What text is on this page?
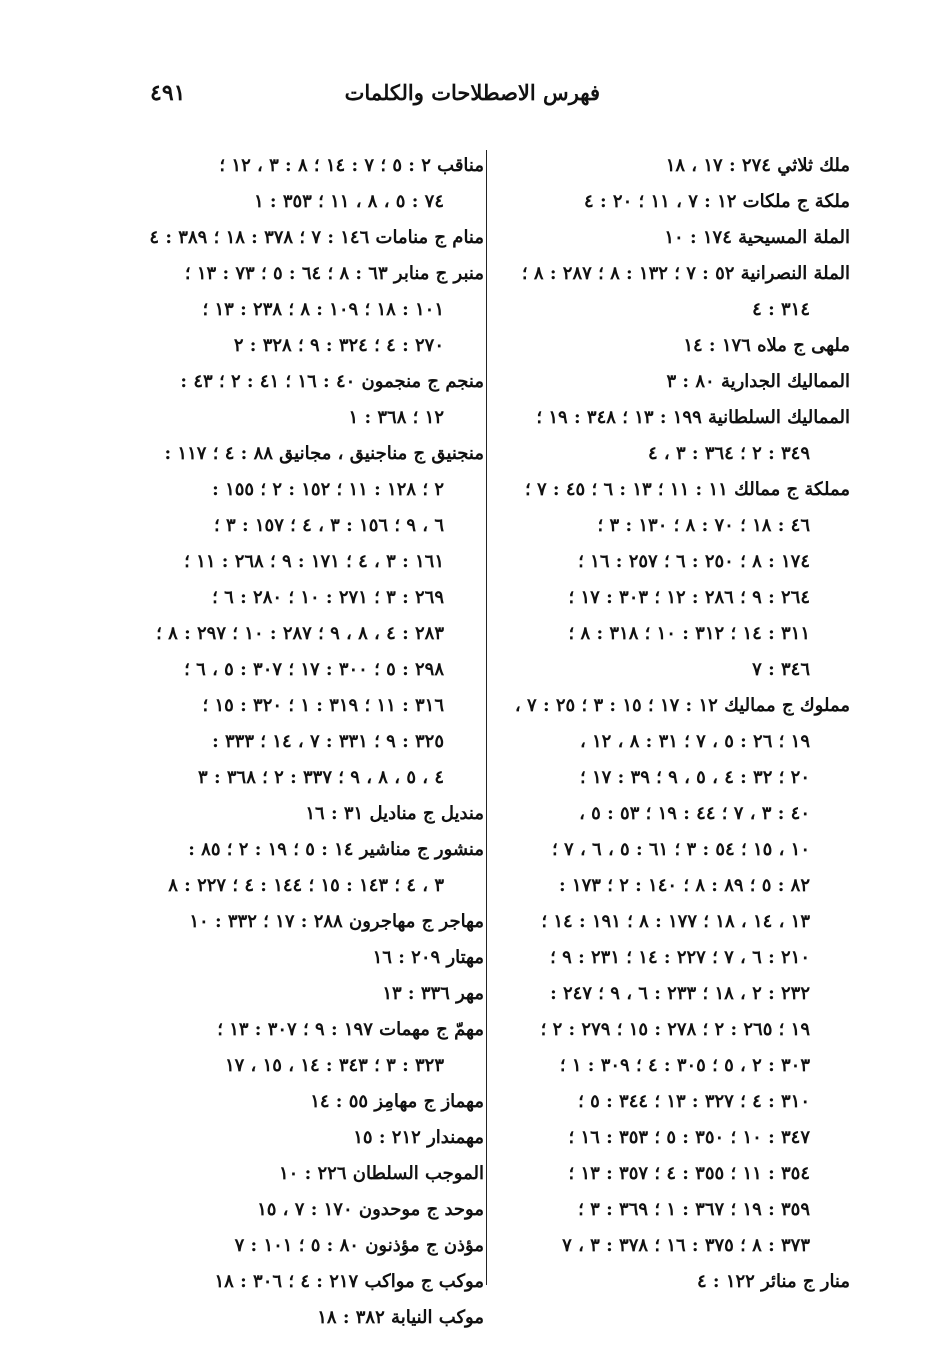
فهرس الاصطلاحات والكلمات
٤٩١
ملك ثلاثي ٢٧٤ : ١٧ ، ١٨
ملكة ج ملكات ١٢ : ٧ ، ١١ ؛ ٢٠ : ٤
الملة المسيحية ١٧٤ : ١٠
الملة النصرانية ٥٢ : ٧ ؛ ١٣٢ : ٨ ؛ ٢٨٧ : ٨ ؛
٣١٤ : ٤
ملهى ج ملاه ١٧٦ : ١٤
المماليك الجدارية ٨٠ : ٣
المماليك السلطانية ١٩٩ : ١٣ ؛ ٣٤٨ : ١٩ ؛
٣٤٩ : ٢ ؛ ٣٦٤ : ٣ ، ٤
مملكة ج ممالك ١١ : ١١ ؛ ١٣ : ٦ ؛ ٤٥ : ٧ ؛
٤٦ : ١٨ ؛ ٧٠ : ٨ ؛ ١٣٠ : ٣ ؛
١٧٤ : ٨ ؛ ٢٥٠ : ٦ ؛ ٢٥٧ : ١٦ ؛
٢٦٤ : ٩ ؛ ٢٨٦ : ١٢ ؛ ٣٠٣ : ١٧ ؛
٣١١ : ١٤ ؛ ٣١٢ : ١٠ ؛ ٣١٨ : ٨ ؛
٣٤٦ : ٧
مملوك ج مماليك ١٢ : ١٧ ؛ ١٥ : ٣ ؛ ٢٥ : ٧ ،
١٩ ؛ ٢٦ : ٥ ، ٧ ؛ ٣١ : ٨ ، ١٢ ،
٢٠ ؛ ٣٢ : ٤ ، ٥ ، ٩ ؛ ٣٩ : ١٧ ؛
٤٠ : ٣ ، ٧ ؛ ٤٤ : ١٩ ؛ ٥٣ : ٥ ،
١٠ ، ١٥ ؛ ٥٤ : ٣ ؛ ٦١ : ٥ ، ٦ ، ٧ ؛
٨٢ : ٥ ؛ ٨٩ : ٨ ؛ ١٤٠ : ٢ ؛ ١٧٣ :
١٣ ، ١٤ ، ١٨ ؛ ١٧٧ : ٨ ؛ ١٩١ : ١٤ ؛
٢١٠ : ٦ ، ٧ ؛ ٢٢٧ : ١٤ ؛ ٢٣١ : ٩ ؛
٢٣٢ : ٢ ، ١٨ ؛ ٢٣٣ : ٦ ، ٩ ؛ ٢٤٧ :
١٩ ؛ ٢٦٥ : ٢ ؛ ٢٧٨ : ١٥ ؛ ٢٧٩ : ٢ ؛
٣٠٣ : ٢ ، ٥ ؛ ٣٠٥ : ٤ ؛ ٣٠٩ : ١ ؛
٣١٠ : ٤ ؛ ٣٢٧ : ١٣ ؛ ٣٤٤ : ٥ ؛
٣٤٧ : ١٠ ؛ ٣٥٠ : ٥ ؛ ٣٥٣ : ١٦ ؛
٣٥٤ : ١١ ؛ ٣٥٥ : ٤ ؛ ٣٥٧ : ١٣ ؛
٣٥٩ : ١٩ ؛ ٣٦٧ : ١ ؛ ٣٦٩ : ٣ ؛
٣٧٣ : ٨ ؛ ٣٧٥ : ١٦ ؛ ٣٧٨ : ٣ ، ٧
منار ج منائر ١٢٢ : ٤
مناقب ٢ : ٥ ؛ ٧ : ١٤ ؛ ٨ : ٣ ، ١٢ ؛
٧٤ : ٥ ، ٨ ، ١١ ؛ ٣٥٣ : ١
منام ج منامات ١٤٦ : ٧ ؛ ٣٧٨ : ١٨ ؛ ٣٨٩ : ٤
منبر ج منابر ٦٣ : ٨ ؛ ٦٤ : ٥ ؛ ٧٣ : ١٣ ؛
١٠١ : ١٨ ؛ ١٠٩ : ٨ ؛ ٢٣٨ : ١٣ ؛
٢٧٠ : ٤ ؛ ٣٢٤ : ٩ ؛ ٣٢٨ : ٢
منجم ج منجمون ٤٠ : ١٦ ؛ ٤١ : ٢ ؛ ٤٣ :
١٢ ؛ ٣٦٨ : ١
منجنيق ج مناجنيق ، مجانيق ٨٨ : ٤ ؛ ١١٧ :
٢ ؛ ١٢٨ : ١١ ؛ ١٥٢ : ٢ ؛ ١٥٥ :
٦ ، ٩ ؛ ١٥٦ : ٣ ، ٤ ؛ ١٥٧ : ٣ ؛
١٦١ : ٣ ، ٤ ؛ ١٧١ : ٩ ؛ ٢٦٨ : ١١ ؛
٢٦٩ : ٣ ؛ ٢٧١ : ١٠ ؛ ٢٨٠ : ٦ ؛
٢٨٣ : ٤ ، ٨ ، ٩ ؛ ٢٨٧ : ١٠ ؛ ٢٩٧ : ٨ ؛
٢٩٨ : ٥ ؛ ٣٠٠ : ١٧ ؛ ٣٠٧ : ٥ ، ٦ ؛
٣١٦ : ١١ ؛ ٣١٩ : ١ ؛ ٣٢٠ : ١٥ ؛
٣٢٥ : ٩ ؛ ٣٣١ : ٧ ، ١٤ ؛ ٣٣٣ :
٤ ، ٥ ، ٨ ، ٩ ؛ ٣٣٧ : ٢ ؛ ٣٦٨ : ٣
منديل ج مناديل ٣١ : ١٦
منشور ج مناشير ١٤ : ٥ ؛ ١٩ : ٢ ؛ ٨٥ :
٣ ، ٤ ؛ ١٤٣ : ١٥ ؛ ١٤٤ : ٤ ؛ ٢٢٧ : ٨
مهاجر ج مهاجرون ٢٨٨ : ١٧ ؛ ٣٣٢ : ١٠
مهتار ٢٠٩ : ١٦
مهر ٣٣٦ : ١٣
مهمّ ج مهمات ١٩٧ : ٩ ؛ ٣٠٧ : ١٣ ؛
٣٢٣ : ٣ ؛ ٣٤٣ : ١٤ ، ١٥ ، ١٧
مهماز ج مهامِز ٥٥ : ١٤
مهمندار ٢١٢ : ١٥
الموجب السلطان ٢٢٦ : ١٠
موحد ج موحدون ١٧٠ : ٧ ، ١٥
مؤذن ج مؤذنون ٨٠ : ٥ ؛ ١٠١ : ٧
موكب ج مواكب ٢١٧ : ٤ ؛ ٣٠٦ : ١٨
موكب النيابة ٣٨٢ : ١٨
